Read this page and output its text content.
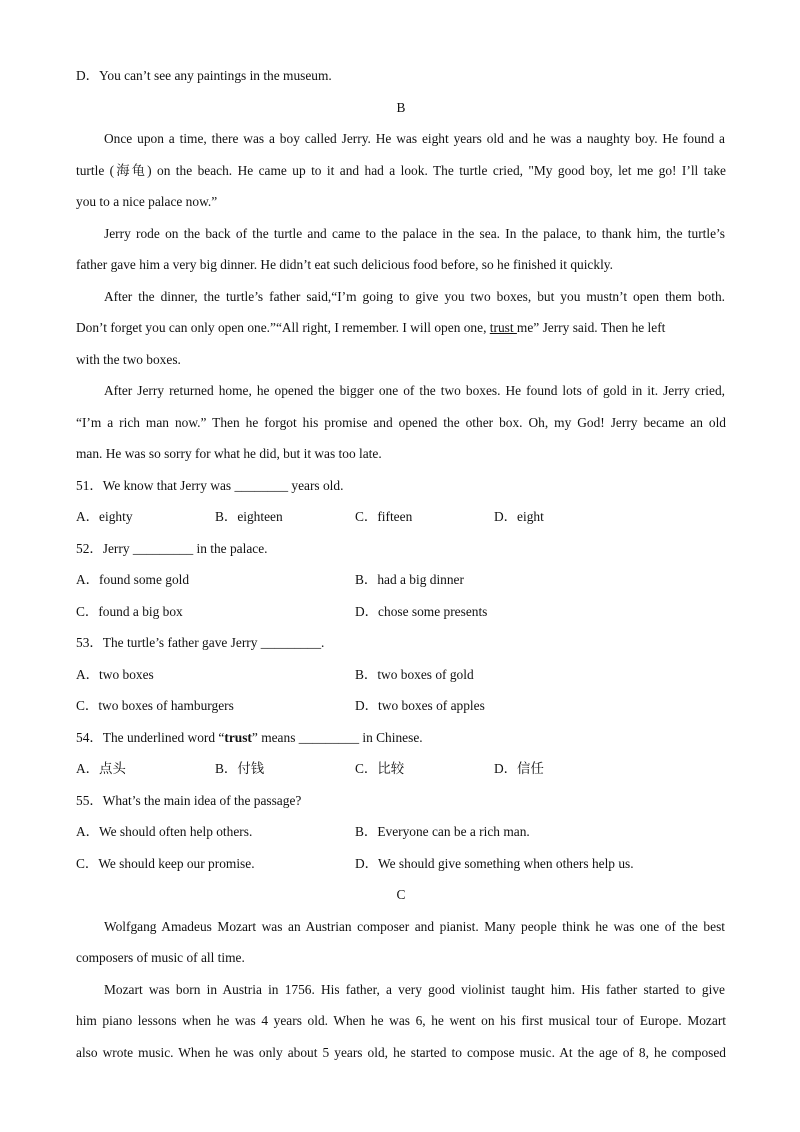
D．You can’t see any paintings in the museum.
B
Once upon a time, there was a boy called Jerry. He was eight years old and he was a naughty boy. He found a
turtle (海龟) on the beach. He came up to it and had a look. The turtle cried, "My good boy, let me go! I’ll take
you to a nice palace now.”
Jerry rode on the back of the turtle and came to the palace in the sea. In the palace, to thank him, the turtle’s
father gave him a very big dinner. He didn’t eat such delicious food before, so he finished it quickly.
After the dinner, the turtle’s father said,“I’m going to give you two boxes, but you mustn’t open them both.
Don’t forget you can only open one.”“All right, I remember. I will open one, trust me” Jerry said. Then he left
with the two boxes.
After Jerry returned home, he opened the bigger one of the two boxes. He found lots of gold in it. Jerry cried,
“I’m a rich man now.” Then he forgot his promise and opened the other box. Oh, my God! Jerry became an old
man. He was so sorry for what he did, but it was too late.
51．We know that Jerry was ________ years old.
A．eighty	B．eighteen	C．fifteen	D．eight
52．Jerry _________ in the palace.
A．found some gold	B．had a big dinner
C．found a big box	D．chose some presents
53．The turtle’s father gave Jerry _________.
A．two boxes	B．two boxes of gold
C．two boxes of hamburgers	D．two boxes of apples
54．The underlined word “trust” means _________ in Chinese.
A．点头	B．付钱	C．比较	D．信任
55．What’s the main idea of the passage?
A．We should often help others.	B．Everyone can be a rich man.
C．We should keep our promise.	D．We should give something when others help us.
C
Wolfgang Amadeus Mozart was an Austrian composer and pianist. Many people think he was one of the best
composers of music of all time.
Mozart was born in Austria in 1756. His father, a very good violinist taught him. His father started to give
him piano lessons when he was 4 years old. When he was 6, he went on his first musical tour of Europe. Mozart
also wrote music. When he was only about 5 years old, he started to compose music. At the age of 8, he composed
